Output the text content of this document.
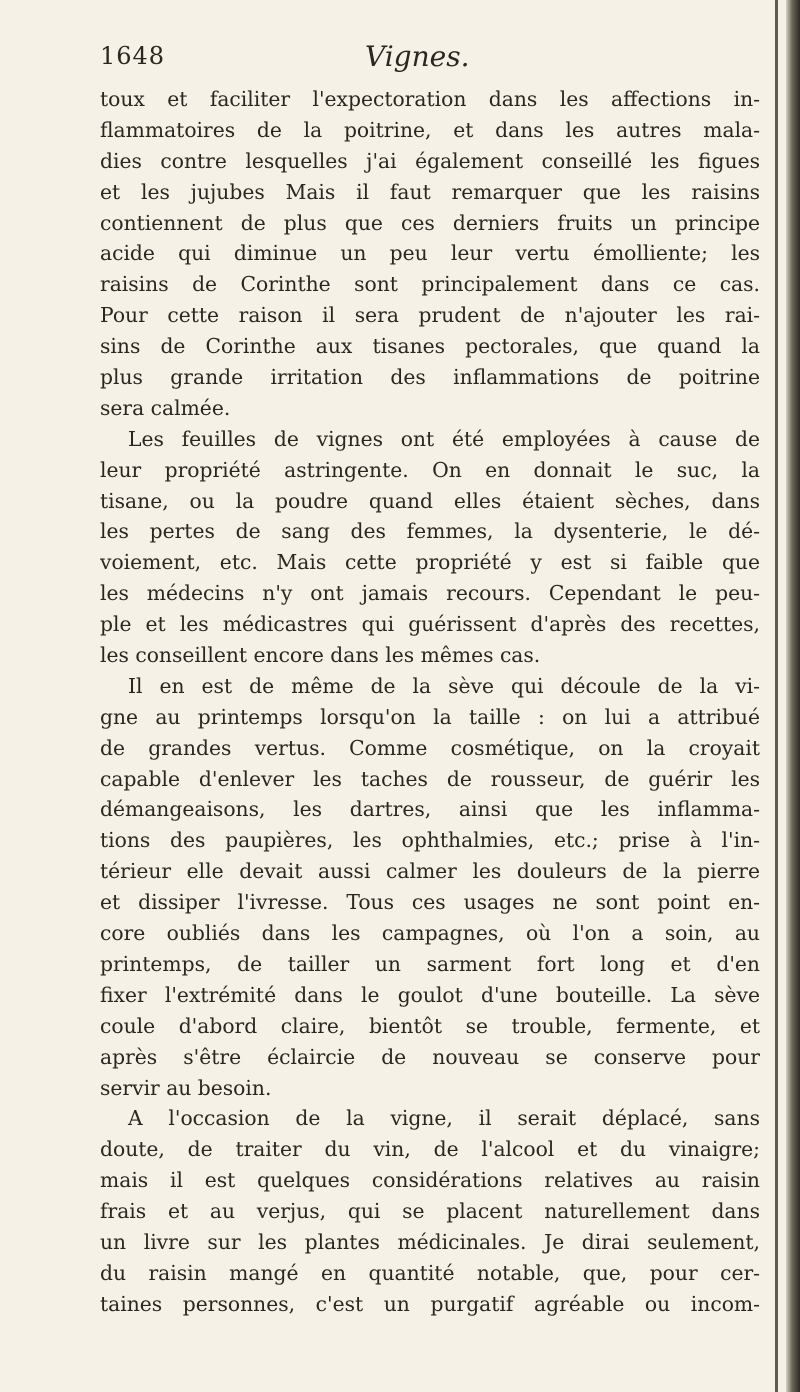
1648	Vignes.
toux et faciliter l'expectoration dans les affections in-
flammatoires de la poitrine, et dans les autres mala-
dies contre lesquelles j'ai également conseillé les figues
et les jujubes Mais il faut remarquer que les raisins
contiennent de plus que ces derniers fruits un principe
acide qui diminue un peu leur vertu émolliente; les
raisins de Corinthe sont principalement dans ce cas.
Pour cette raison il sera prudent de n'ajouter les rai-
sins de Corinthe aux tisanes pectorales, que quand la
plus grande irritation des inflammations de poitrine
sera calmée.
Les feuilles de vignes ont été employées à cause de
leur propriété astringente. On en donnait le suc, la
tisane, ou la poudre quand elles étaient sèches, dans
les pertes de sang des femmes, la dysenterie, le dé-
voiement, etc. Mais cette propriété y est si faible que
les médecins n'y ont jamais recours. Cependant le peu-
ple et les médicastres qui guérissent d'après des recettes,
les conseillent encore dans les mêmes cas.
Il en est de même de la sève qui découle de la vi-
gne au printemps lorsqu'on la taille : on lui a attribué
de grandes vertus. Comme cosmétique, on la croyait
capable d'enlever les taches de rousseur, de guérir les
démangeaisons, les dartres, ainsi que les inflamma-
tions des paupières, les ophthalmies, etc.; prise à l'in-
térieur elle devait aussi calmer les douleurs de la pierre
et dissiper l'ivresse. Tous ces usages ne sont point en-
core oubliés dans les campagnes, où l'on a soin, au
printemps, de tailler un sarment fort long et d'en
fixer l'extrémité dans le goulot d'une bouteille. La sève
coule d'abord claire, bientôt se trouble, fermente, et
après s'être éclaircie de nouveau se conserve pour
servir au besoin.
A l'occasion de la vigne, il serait déplacé, sans
doute, de traiter du vin, de l'alcool et du vinaigre;
mais il est quelques considérations relatives au raisin
frais et au verjus, qui se placent naturellement dans
un livre sur les plantes médicinales. Je dirai seulement,
du raisin mangé en quantité notable, que, pour cer-
taines personnes, c'est un purgatif agréable ou incom-
